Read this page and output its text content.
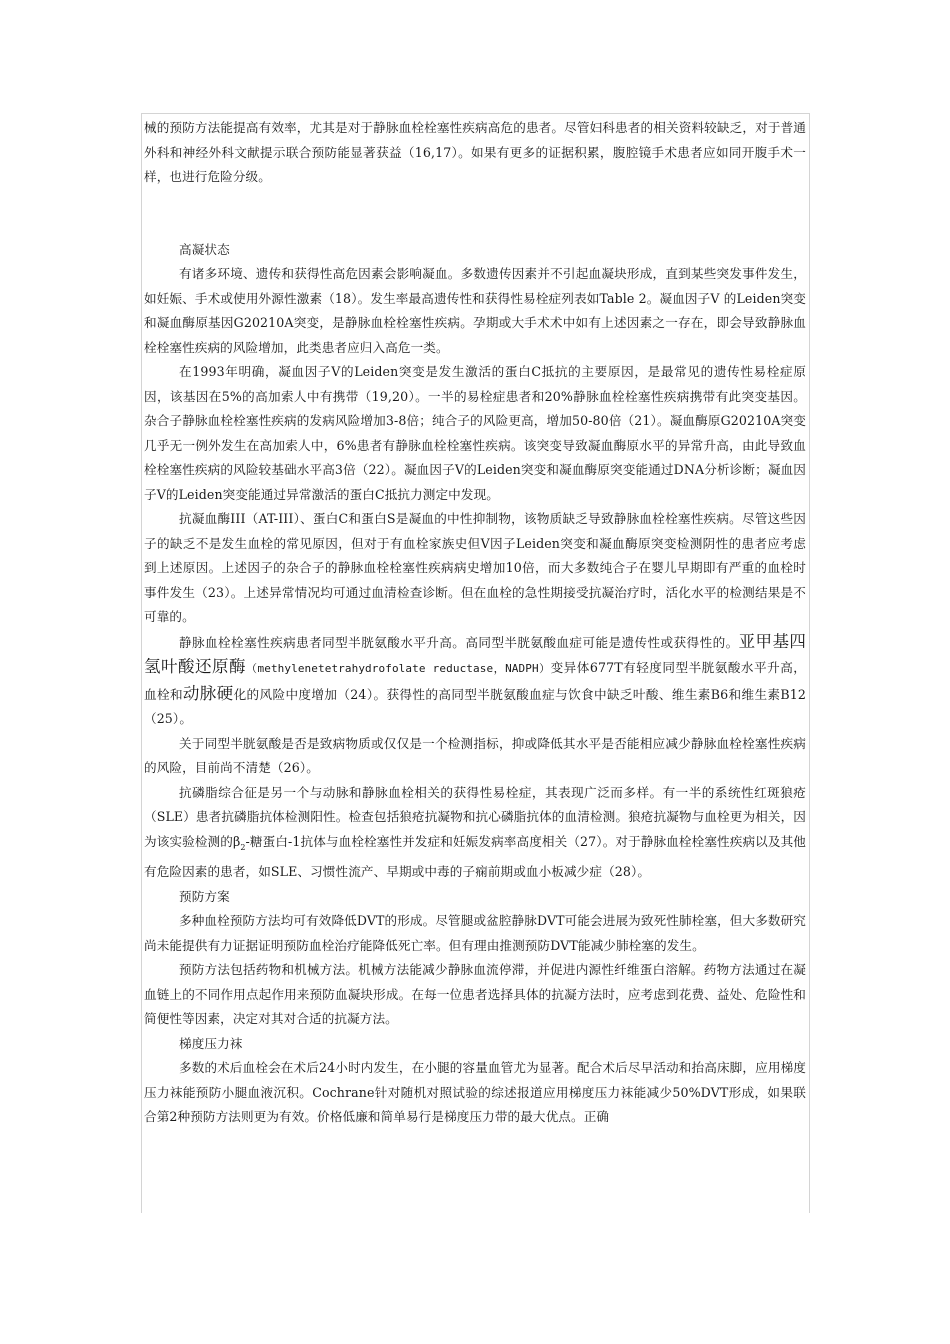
械的预防方法能提高有效率，尤其是对于静脉血栓栓塞性疾病高危的患者。尽管妇科患者的相关资料较缺乏，对于普通外科和神经外科文献提示联合预防能显著获益（16,17）。如果有更多的证据积累，腹腔镜手术患者应如同开腹手术一样，也进行危险分级。

高凝状态

有诸多环境、遗传和获得性高危因素会影响凝血。多数遗传因素并不引起血凝块形成，直到某些突发事件发生，如妊娠、手术或使用外源性激素（18）。发生率最高遗传性和获得性易栓症列表如Table 2。凝血因子Ⅴ 的Leiden突变和凝血酶原基因G20210A突变，是静脉血栓栓塞性疾病。孕期或大手术术中如有上述因素之一存在，即会导致静脉血栓栓塞性疾病的风险增加，此类患者应归入高危一类。

在1993年明确，凝血因子Ⅴ的Leiden突变是发生激活的蛋白C抵抗的主要原因，是最常见的遗传性易栓症原因，该基因在5%的高加索人中有携带（19,20）。一半的易栓症患者和20%静脉血栓栓塞性疾病携带有此突变基因。杂合子静脉血栓栓塞性疾病的发病风险增加3-8倍；纯合子的风险更高，增加50-80倍（21）。凝血酶原G20210A突变几乎无一例外发生在高加索人中，6%患者有静脉血栓栓塞性疾病。该突变导致凝血酶原水平的异常升高，由此导致血栓栓塞性疾病的风险较基础水平高3倍（22）。凝血因子Ⅴ的Leiden突变和凝血酶原突变能通过DNA分析诊断；凝血因子Ⅴ的Leiden突变能通过异常激活的蛋白C抵抗力测定中发现。

抗凝血酶III（AT-III）、蛋白C和蛋白S是凝血的中性抑制物，该物质缺乏导致静脉血栓栓塞性疾病。尽管这些因子的缺乏不是发生血栓的常见原因，但对于有血栓家族史但Ⅴ因子Leiden突变和凝血酶原突变检测阴性的患者应考虑到上述原因。上述因子的杂合子的静脉血栓栓塞性疾病病史增加10倍，而大多数纯合子在婴儿早期即有严重的血栓时事件发生（23）。上述异常情况均可通过血清检查诊断。但在血栓的急性期接受抗凝治疗时，活化水平的检测结果是不可靠的。

静脉血栓栓塞性疾病患者同型半胱氨酸水平升高。高同型半胱氨酸血症可能是遗传性或获得性的。亚甲基四氢叶酸还原酶（methylenetetrahydrofolate reductase，NADPH）变异体677T有轻度同型半胱氨酸水平升高，血栓和动脉硬化的风险中度增加（24）。获得性的高同型半胱氨酸血症与饮食中缺乏叶酸、维生素B6和维生素B12（25）。

关于同型半胱氨酸是否是致病物质或仅仅是一个检测指标，抑或降低其水平是否能相应减少静脉血栓栓塞性疾病的风险，目前尚不清楚（26）。

抗磷脂综合征是另一个与动脉和静脉血栓相关的获得性易栓症，其表现广泛而多样。有一半的系统性红斑狼疮（SLE）患者抗磷脂抗体检测阳性。检查包括狼疮抗凝物和抗心磷脂抗体的血清检测。狼疮抗凝物与血栓更为相关，因为该实验检测的$\beta_2-$糖蛋白-1抗体与血栓栓塞性并发症和妊娠发病率高度相关（27）。对于静脉血栓栓塞性疾病以及其他有危险因素的患者，如SLE、习惯性流产、早期或中毒的子痫前期或血小板减少症（28）。

预防方案

多种血栓预防方法均可有效降低DVT的形成。尽管腿或盆腔静脉DVT可能会进展为致死性肺栓塞，但大多数研究尚未能提供有力证据证明预防血栓治疗能降低死亡率。但有理由推测预防DVT能减少肺栓塞的发生。

预防方法包括药物和机械方法。机械方法能减少静脉血流停滞，并促进内源性纤维蛋白溶解。药物方法通过在凝血链上的不同作用点起作用来预防血凝块形成。在每一位患者选择具体的抗凝方法时，应考虑到花费、益处、危险性和简便性等因素，决定对其对合适的抗凝方法。

梯度压力袜

多数的术后血栓会在术后24小时内发生，在小腿的容量血管尤为显著。配合术后尽早活动和抬高床脚，应用梯度压力袜能预防小腿血液沉积。Cochrane针对随机对照试验的综述报道应用梯度压力袜能减少50%DVT形成，如果联合第2种预防方法则更为有效。价格低廉和简单易行是梯度压力带的最大优点。正确
